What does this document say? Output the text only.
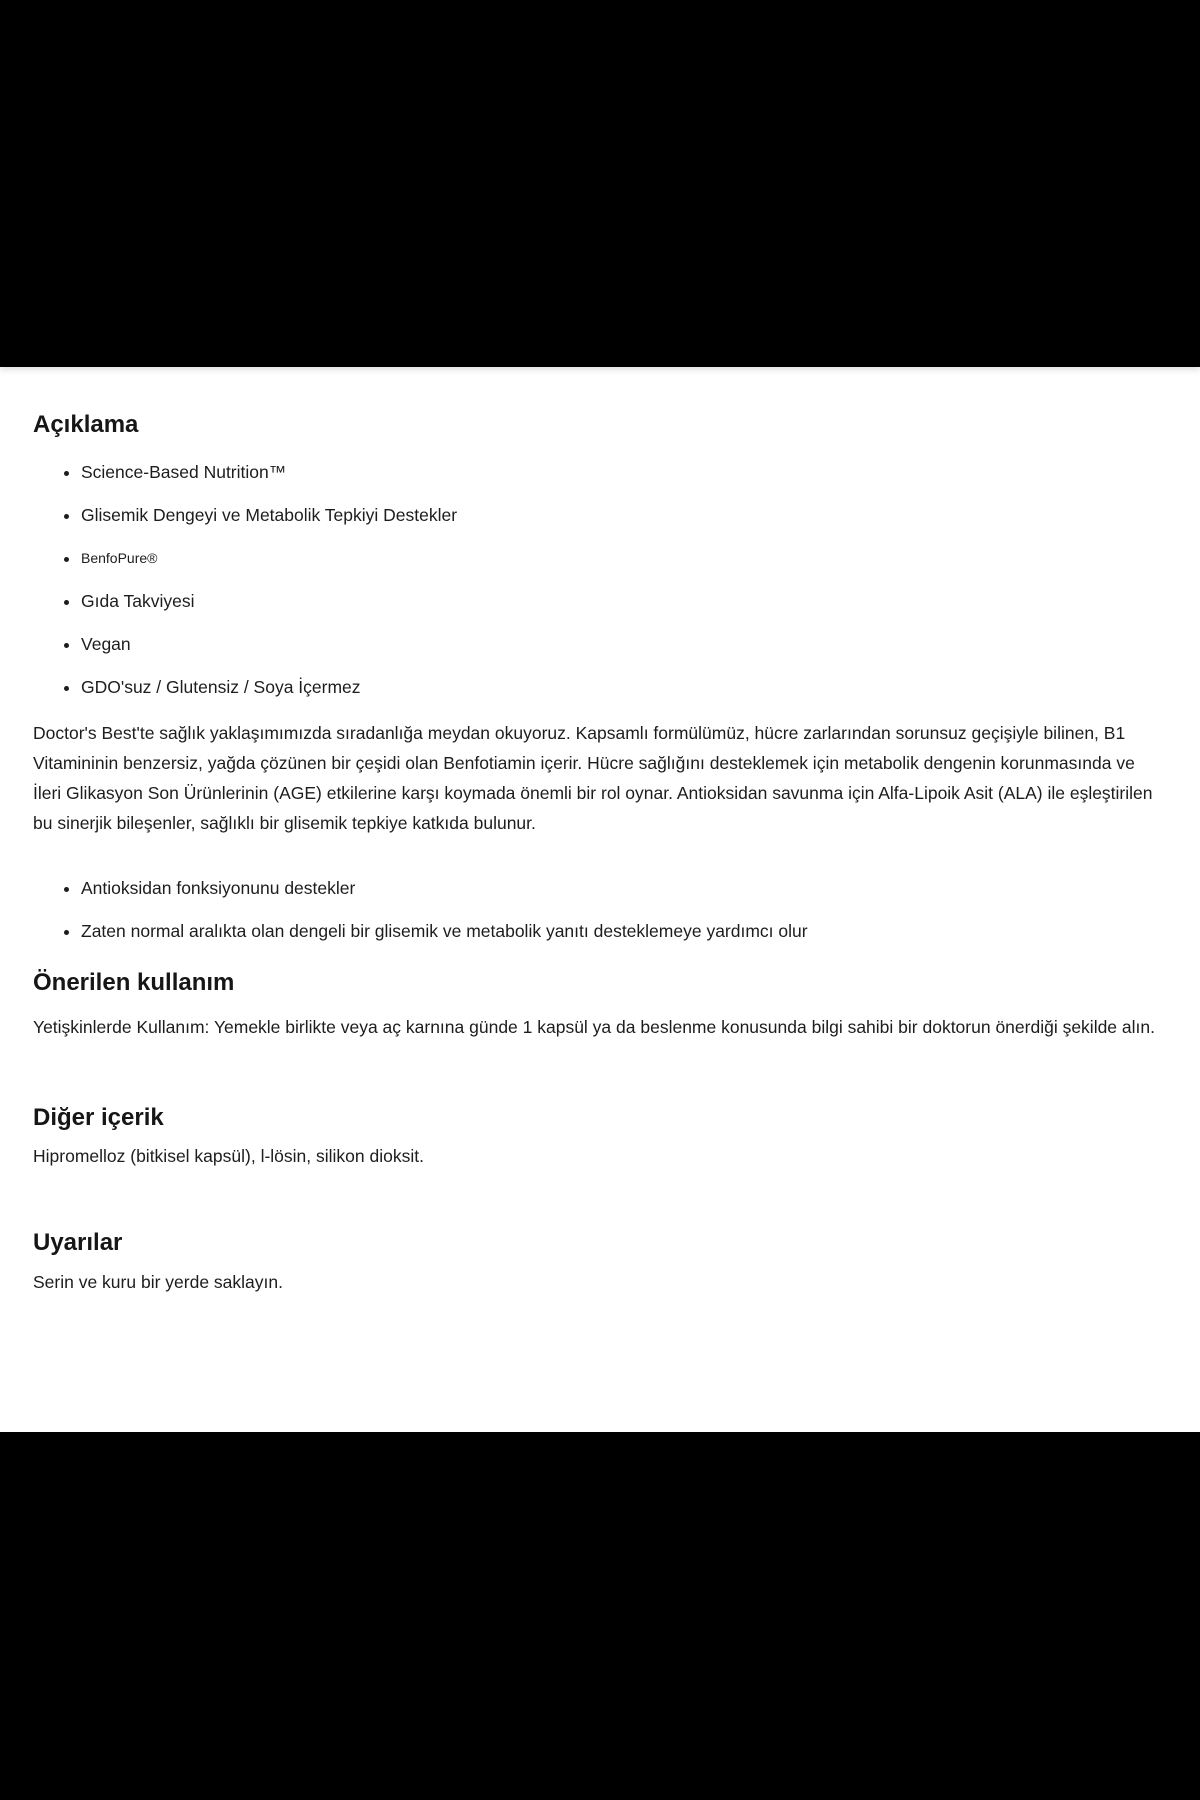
Açıklama
• Science-Based Nutrition™
• Glisemik Dengeyi ve Metabolik Tepkiyi Destekler
• $^{BenfoPure®}$
• Gıda Takviyesi
• Vegan
• GDO'suz / Glutensiz / Soya İçermez

Doctor's Best'te sağlık yaklaşımımızda sıradanlığa meydan okuyoruz. Kapsamlı formülümüz, hücre zarlarından sorunsuz geçişiyle bilinen, B1 Vitamininin benzersiz, yağda çözünen bir çeşidi olan Benfotiamin içerir. Hücre sağlığını desteklemek için metabolik dengenin korunmasında ve İleri Glikasyon Son Ürünlerinin (AGE) etkilerine karşı koymada önemli bir rol oynar. Antioksidan savunma için Alfa-Lipoik Asit (ALA) ile eşleştirilen bu sinerjik bileşenler, sağlıklı bir glisemik tepkiye katkıda bulunur.

• Antioksidan fonksiyonunu destekler
• Zaten normal aralıkta olan dengeli bir glisemik ve metabolik yanıtı desteklemeye yardımcı olur
Önerilen kullanım

Yetişkinlerde Kullanım: Yemekle birlikte veya aç karnına günde 1 kapsül ya da beslenme konusunda bilgi sahibi bir doktorun önerdiği şekilde alın.

Diğer içerik

Hipromelloz (bitkisel kapsül), l-lösin, silikon dioksit.

Uyarılar

Serin ve kuru bir yerde saklayın.
